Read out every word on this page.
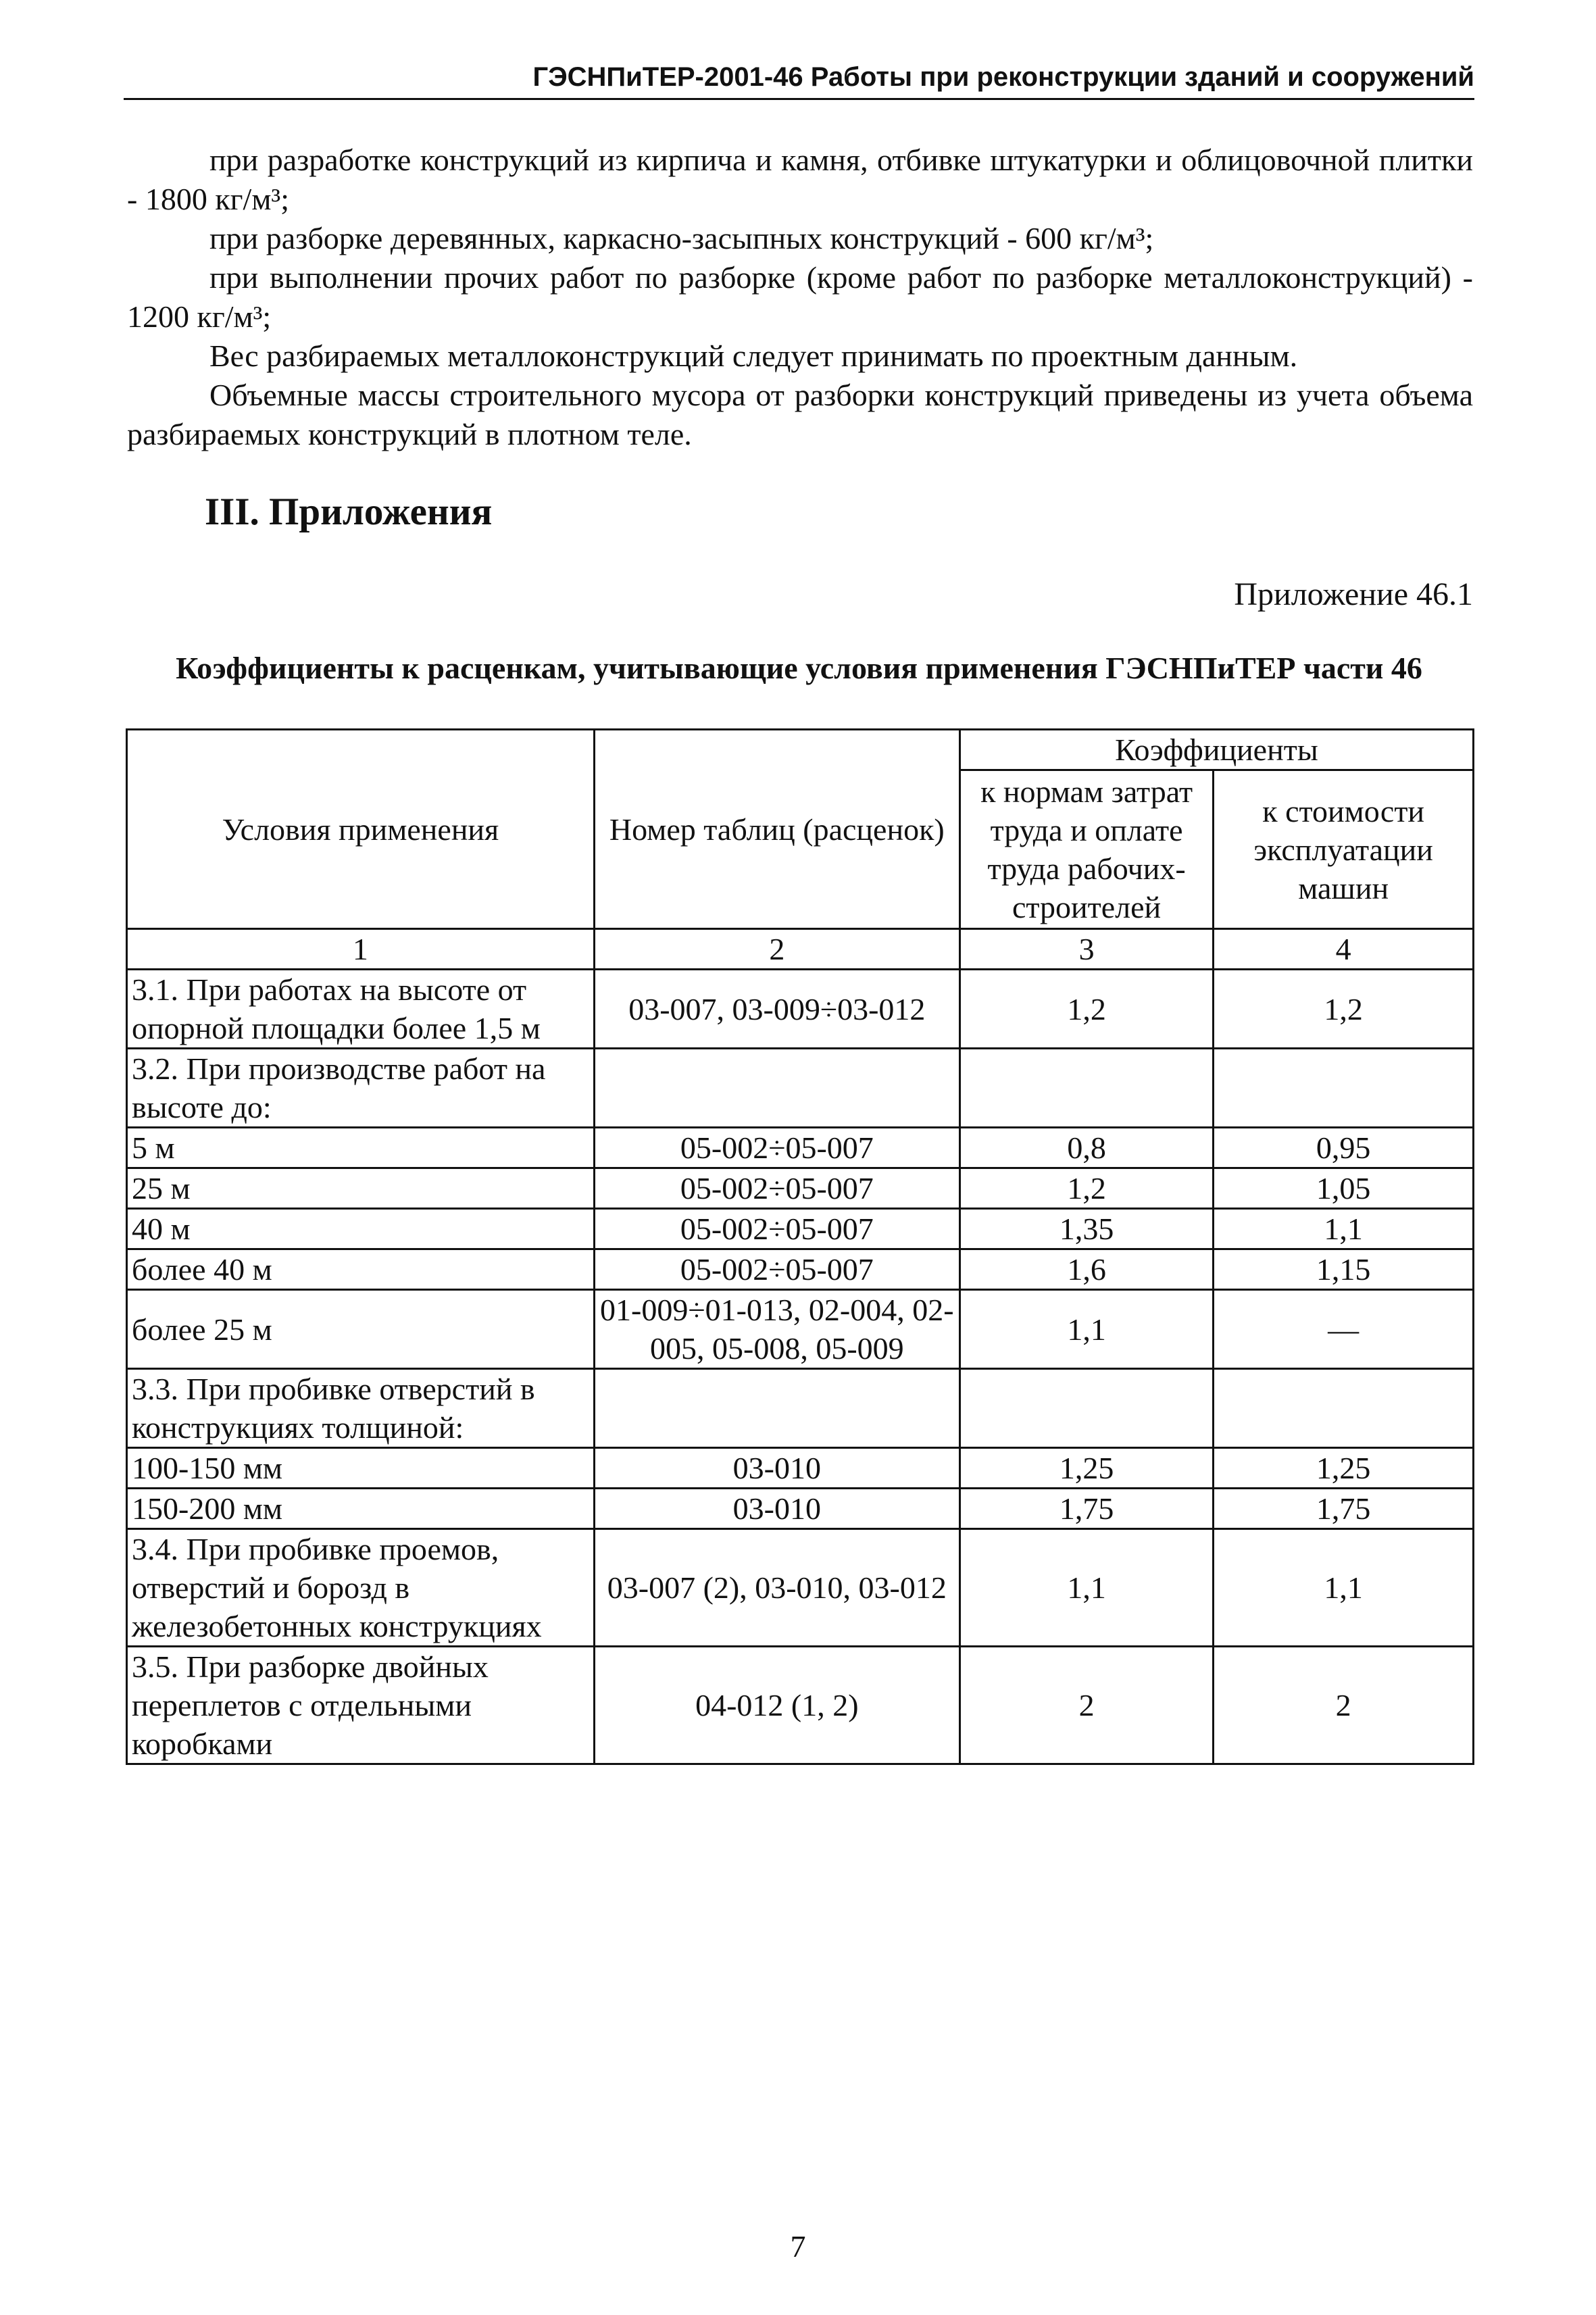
ГЭСНПиТЕР-2001-46 Работы при реконструкции зданий и сооружений

при разработке конструкций из кирпича и камня, отбивке штукатурки и облицовочной плитки - 1800 кг/м³;

при разборке деревянных, каркасно-засыпных конструкций - 600 кг/м³;

при выполнении прочих работ по разборке (кроме работ по разборке металлоконструкций) - 1200 кг/м³;

Вес разбираемых металлоконструкций следует принимать по проектным данным.

Объемные массы строительного мусора от разборки конструкций приведены из учета объема разбираемых конструкций в плотном теле.

III. Приложения
Приложение 46.1
Коэффициенты к расценкам, учитывающие условия применения ГЭСНПиТЕР части 46
Условия применения	Номер таблиц (расценок)	Коэффициенты	
		к нормам затрат труда и оплате труда рабочих-строителей	к стоимости эксплуатации машин
1	2	3	4
3.1. При работах на высоте от опорной площадки более 1,5 м	03-007, 03-009÷03-012	1,2	1,2
3.2. При производстве работ на высоте до:			
5 м	05-002÷05-007	0,8	0,95
25 м	05-002÷05-007	1,2	1,05
40 м	05-002÷05-007	1,35	1,1
более 40 м	05-002÷05-007	1,6	1,15
более 25 м	01-009÷01-013, 02-004, 02-005, 05-008, 05-009	1,1	—
3.3. При пробивке отверстий в конструкциях толщиной:			
100-150 мм	03-010	1,25	1,25
150-200 мм	03-010	1,75	1,75
3.4. При пробивке проемов, отверстий и борозд в железобетонных конструкциях	03-007 (2), 03-010, 03-012	1,1	1,1
3.5. При разборке двойных переплетов с отдельными коробками	04-012 (1, 2)	2	2
7
